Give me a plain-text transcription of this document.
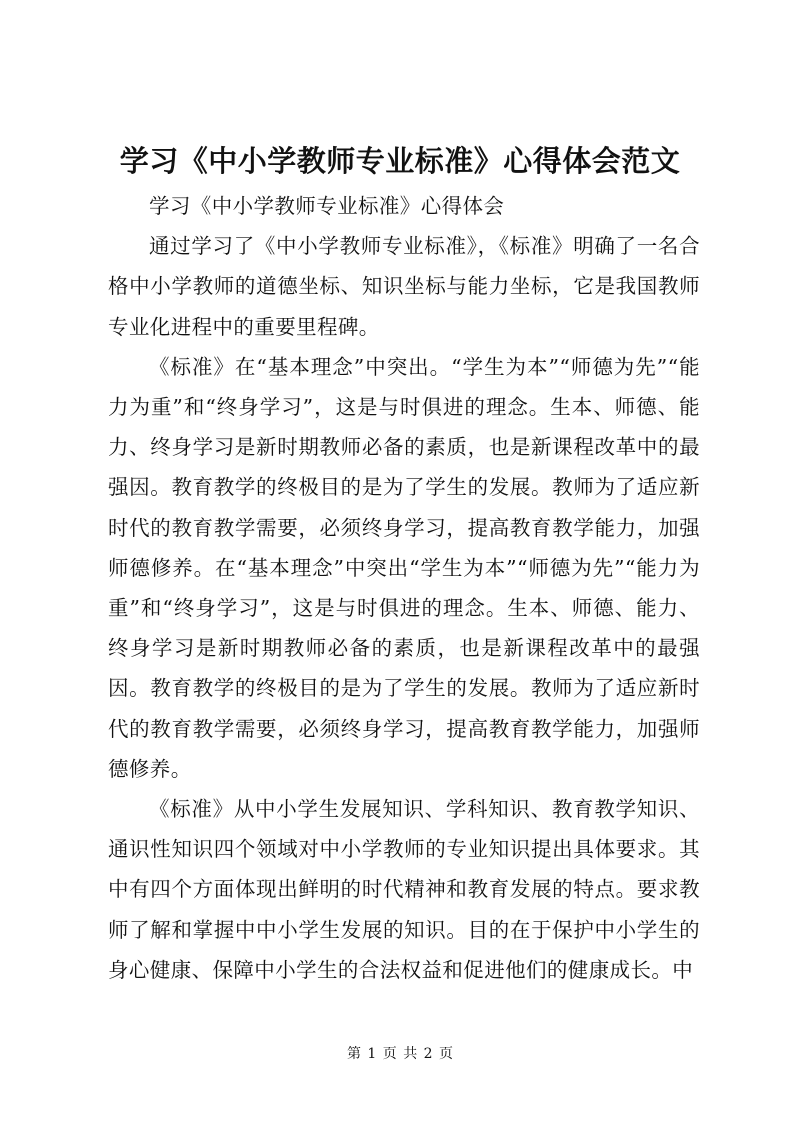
学习《中小学教师专业标准》心得体会范文

学习《中小学教师专业标准》心得体会

通过学习了《中小学教师专业标准》，《标准》明确了一名合格中小学教师的道德坐标、知识坐标与能力坐标，它是我国教师专业化进程中的重要里程碑。

《标准》在“基本理念”中突出。“学生为本”“师德为先”“能力为重”和“终身学习”，这是与时俱进的理念。生本、师德、能力、终身学习是新时期教师必备的素质，也是新课程改革中的最强因。教育教学的终极目的是为了学生的发展。教师为了适应新时代的教育教学需要，必须终身学习，提高教育教学能力，加强师德修养。在“基本理念”中突出“学生为本”“师德为先”“能力为重”和“终身学习”，这是与时俱进的理念。生本、师德、能力、终身学习是新时期教师必备的素质，也是新课程改革中的最强因。教育教学的终极目的是为了学生的发展。教师为了适应新时代的教育教学需要，必须终身学习，提高教育教学能力，加强师德修养。

《标准》从中小学生发展知识、学科知识、教育教学知识、通识性知识四个领域对中小学教师的专业知识提出具体要求。其中有四个方面体现出鲜明的时代精神和教育发展的特点。要求教师了解和掌握中中小学生发展的知识。目的在于保护中小学生的身心健康、保障中小学生的合法权益和促进他们的健康成长。中

第 1 页 共 2 页
